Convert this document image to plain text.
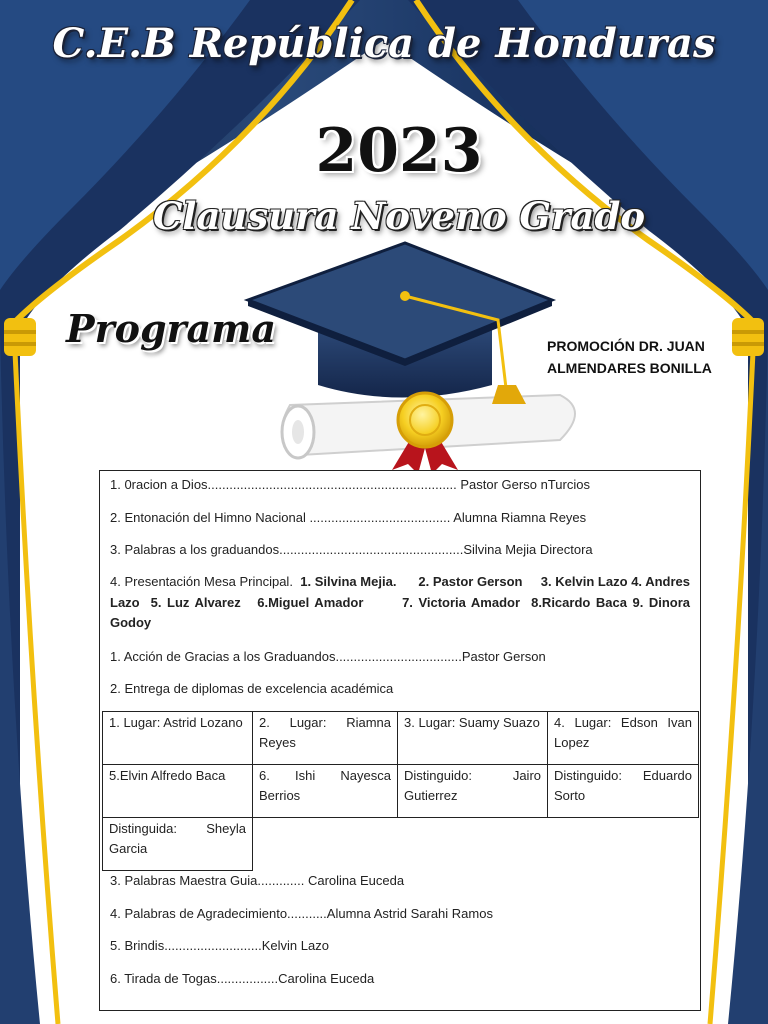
C.E.B República de Honduras
2023
Clausura Noveno Grado
Programa	PROMOCIÓN DR. JUAN
ALMENDARES BONILLA
1. 0racion a Dios..................................................................... Pastor Gerso nTurcios
2. Entonación del Himno Nacional ....................................... Alumna Riamna Reyes
3. Palabras a los graduandos...................................................Silvina Mejia Directora
4. Presentación Mesa Principal. 1. Silvina Mejia. 2. Pastor Gerson 3. Kelvin Lazo 4. Andres Lazo 5. Luz Alvarez 6.Miguel Amador	7. Victoria Amador 8.Ricardo Baca 9. Dinora Godoy
1. Acción de Gracias a los Graduandos...................................Pastor Gerson
2. Entrega de diplomas de excelencia académica
1. Lugar: Astrid Lozano	2. Lugar: Riamna Reyes	3. Lugar: Suamy Suazo	4. Lugar: Edson Ivan Lopez
5.Elvin Alfredo Baca	6. Ishi Nayesca Berrios	Distinguido: Jairo Gutierrez	Distinguido: Eduardo Sorto
Distinguida: Sheyla Garcia			
3. Palabras Maestra Guia............. Carolina Euceda
4. Palabras de Agradecimiento...........Alumna Astrid Sarahi Ramos
5. Brindis...........................Kelvin Lazo
6. Tirada de Togas.................Carolina Euceda
